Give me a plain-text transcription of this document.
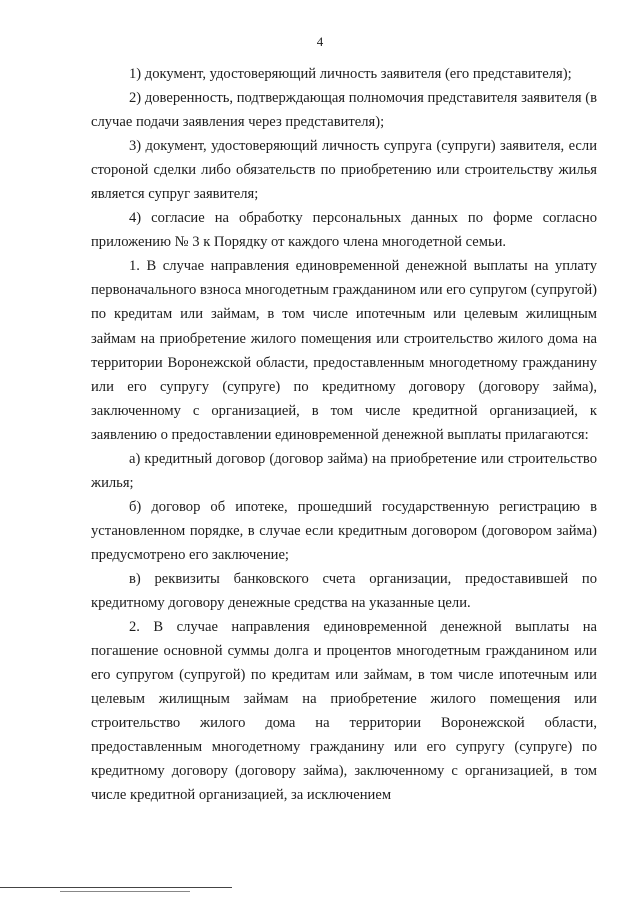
4

1) документ, удостоверяющий личность заявителя (его представителя);

2) доверенность, подтверждающая полномочия представителя заявителя (в случае подачи заявления через представителя);

3) документ, удостоверяющий личность супруга (супруги) заявителя, если стороной сделки либо обязательств по приобретению или строительству жилья является супруг заявителя;

4) согласие на обработку персональных данных по форме согласно приложению № 3 к Порядку от каждого члена многодетной семьи.

1. В случае направления единовременной денежной выплаты на уплату первоначального взноса многодетным гражданином или его супругом (супругой) по кредитам или займам, в том числе ипотечным или целевым жилищным займам на приобретение жилого помещения или строительство жилого дома на территории Воронежской области, предоставленным многодетному гражданину или его супругу (супруге) по кредитному договору (договору займа), заключенному с организацией, в том числе кредитной организацией, к заявлению о предоставлении единовременной денежной выплаты прилагаются:

а) кредитный договор (договор займа) на приобретение или строительство жилья;

б) договор об ипотеке, прошедший государственную регистрацию в установленном порядке, в случае если кредитным договором (договором займа) предусмотрено его заключение;

в) реквизиты банковского счета организации, предоставившей по кредитному договору денежные средства на указанные цели.

2. В случае направления единовременной денежной выплаты на погашение основной суммы долга и процентов многодетным гражданином или его супругом (супругой) по кредитам или займам, в том числе ипотечным или целевым жилищным займам на приобретение жилого помещения или строительство жилого дома на территории Воронежской области, предоставленным многодетному гражданину или его супругу (супруге) по кредитному договору (договору займа), заключенному с организацией, в том числе кредитной организацией, за исключением
